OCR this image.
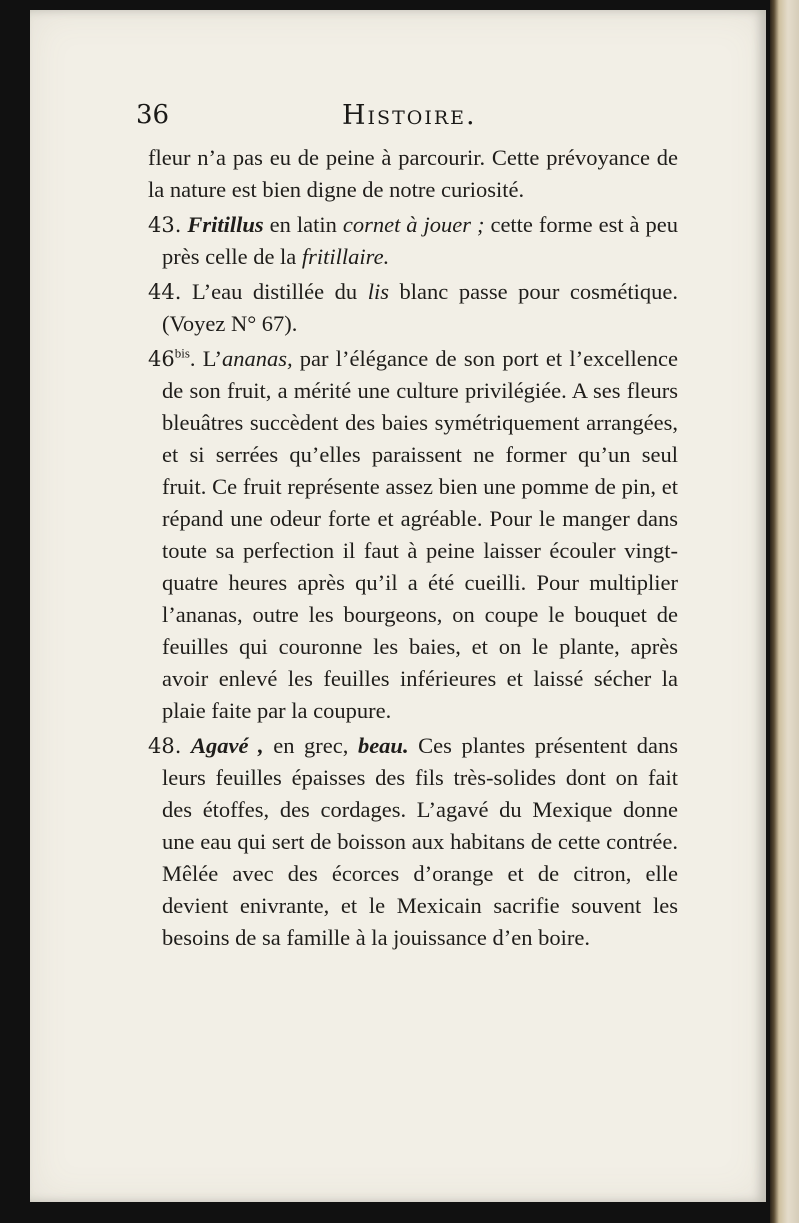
36	Histoire.

fleur n’a pas eu de peine à parcourir. Cette prévoyance de la nature est bien digne de notre curiosité.

43. Fritillus en latin cornet à jouer ; cette forme est à peu près celle de la fritillaire.

44. L’eau distillée du lis blanc passe pour cosmétique. (Voyez N° 67).

$46^{bis}$. L’ananas, par l’élégance de son port et l’excellence de son fruit, a mérité une culture privilégiée. A ses fleurs bleuâtres succèdent des baies symétriquement arrangées, et si serrées qu’elles paraissent ne former qu’un seul fruit. Ce fruit représente assez bien une pomme de pin, et répand une odeur forte et agréable. Pour le manger dans toute sa perfection il faut à peine laisser écouler vingt-quatre heures après qu’il a été cueilli. Pour multiplier l’ananas, outre les bourgeons, on coupe le bouquet de feuilles qui couronne les baies, et on le plante, après avoir enlevé les feuilles inférieures et laissé sécher la plaie faite par la coupure.

48. Agavé , en grec, beau. Ces plantes présentent dans leurs feuilles épaisses des fils très-solides dont on fait des étoffes, des cordages. L’agavé du Mexique donne une eau qui sert de boisson aux habitans de cette contrée. Mêlée avec des écorces d’orange et de citron, elle devient enivrante, et le Mexicain sacrifie souvent les besoins de sa famille à la jouissance d’en boire.
